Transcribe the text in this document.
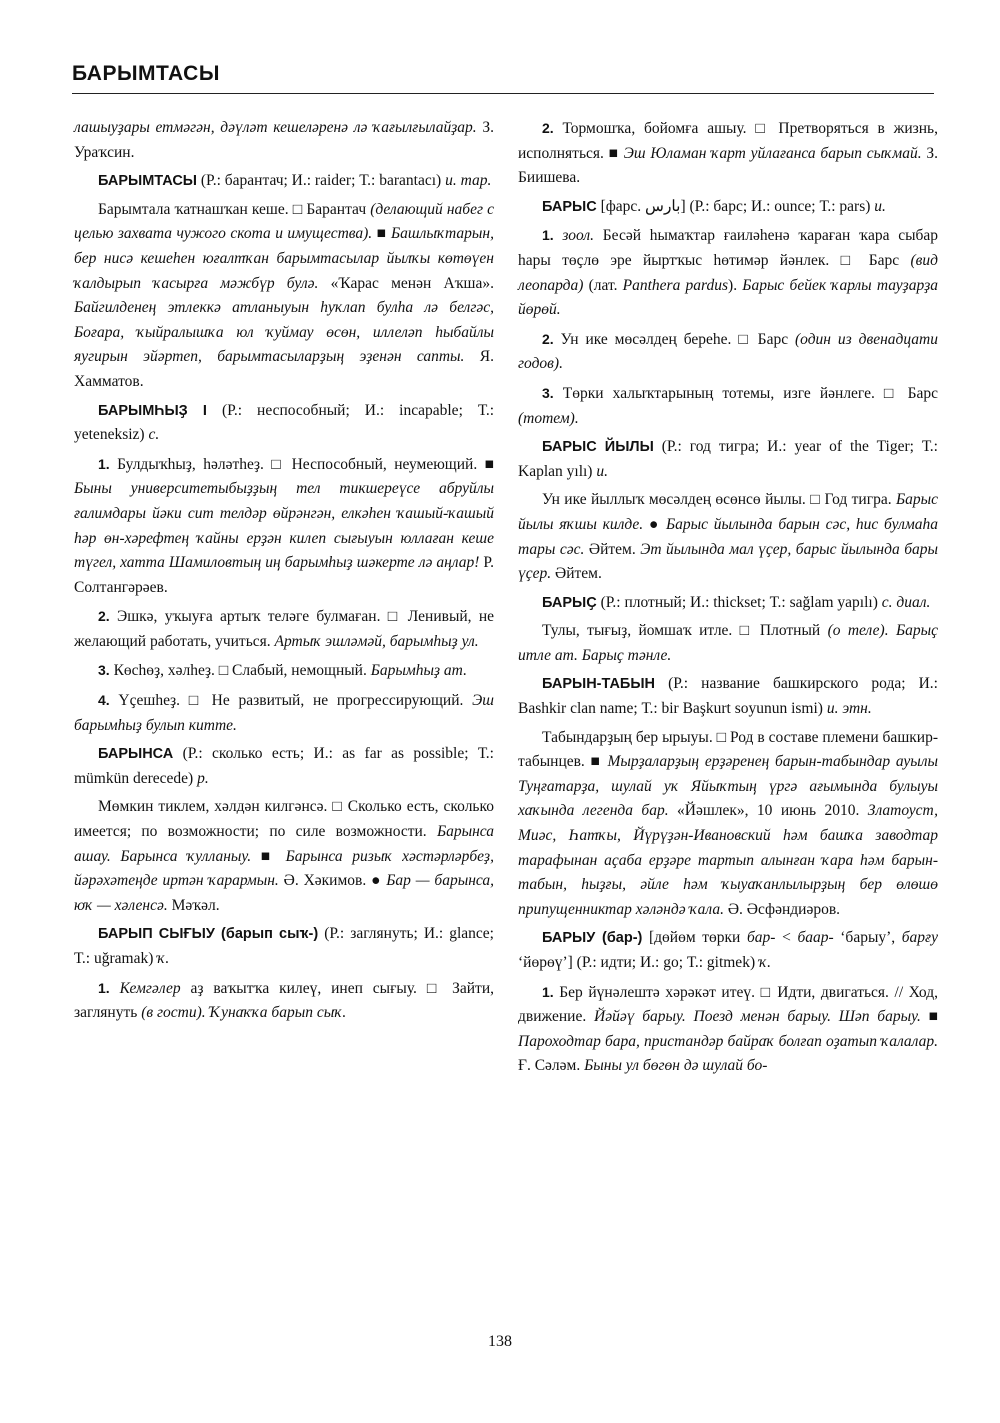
БАРЫМТАСЫ

лашыуҙары етмәгән, дәүләт кешеләренә лә ҡағылғылайҙар. З. Ураҡсин.

БАРЫМТАСЫ (Р.: барантач; И.: raider; Т.: barantacı) и. тар.

Барымтала ҡатнашҡан кеше. □ Барантач (делающий набег с целью захвата чужого скота и имущества). ■ Башлыҡтарын, бер нисә кешеһен юғалтҡан барымтасылар йылҡы көтөүен ҡалдырып ҡасырға мәжбүр булә. «Ҡарас менән Аҡша». Байгилденең этлеккә атланыуын һуҡлап булһа лә белгәс, Боғара, ҡыйралышҡа юл ҡуймау өсөн, иллеләп һыбайлы яугирын эйәртеп, барымтасыларҙың эҙенән сапты. Я. Хамматов.

БАРЫМҺЫҘ I (Р.: неспособный; И.: incapable; Т.: yeteneksiz) с.

1. Булдыҡһыҙ, һәләтһеҙ. □ Неспособный, неумеющий. ■ Быны университетыбыҙҙың тел тикшереүсе абруйлы ғалимдары йәки сит телдәр өйрәнгән, елкәһен ҡашый-ҡашый һәр өн-хәрефтең ҡайны ерҙән килеп сығыуын юллаған кеше түгел, хатта Шамиловтың иң барымһыҙ шәкерте лә аңлар! Р. Солтангәрәев.

2. Эшкә, уҡыуға артыҡ теләге булмаған. □ Ленивый, не желающий работать, учиться. Артыҡ эшләмәй, барымһыҙ ул.

3. Көсһөҙ, хәлһеҙ. □ Слабый, немощный. Барымһыҙ ат.

4. Үҫешһеҙ. □ Не развитый, не прогрессирующий. Эш барымһыҙ булып китте.

БАРЫНСА (Р.: сколько есть; И.: as far as possible; Т.: mümkün derecede) р.

Мөмкин тиклем, хәлдән килгәнсә. □ Сколько есть, сколько имеется; по возможности; по силе возможности. Барынса ашау. Барынса ҡулланыу. ■ Барынса ризыҡ хәстәрләрбеҙ, йәрәхәтеңде иртән ҡарармын. Ә. Хәкимов. ● Бар — барынса, юҡ — хәленсә. Мәҡәл.

БАРЫП СЫҒЫУ (барып сыҡ-) (Р.: заглянуть; И.: glance; Т.: uğramak) ҡ.

1. Кемгәлер аҙ ваҡытҡа килеү, инеп сығыу. □ Зайти, заглянуть (в гости). Ҡунаҡҡа барып сыҡ.

2. Тормошҡа, бойомға ашыу. □ Претворяться в жизнь, исполняться. ■ Эш Юламан ҡарт уйлағанса барып сыҡмай. З. Биишева.

БАРЫС [фарс. بارس] (Р.: барс; И.: ounce; Т.: pars) и.

1. зоол. Бесәй һымаҡтар ғаиләһенә ҡараған ҡара сыбар һары төҫлө эре йыртҡыс һөтимәр йәнлек. □ Барс (вид леопарда) (лат. Panthera pardus). Барыс бейек ҡарлы тауҙарҙа йөрөй.

2. Ун ике мөсәлдең береһе. □ Барс (один из двенадцати годов).

3. Төрки халыҡтарының тотемы, изге йәнлеге. □ Барс (тотем).

БАРЫС ЙЫЛЫ (Р.: год тигра; И.: year of the Tiger; Т.: Kaplan yılı) и.

Ун ике йыллыҡ мөсәлдең өсөнсө йылы. □ Год тигра. Барыс йылы яҡшы килде. ● Барыс йылында барын сәс, һис булмаһа тары сәс. Әйтем. Эт йылында мал үҫер, барыс йылында бары үҫер. Әйтем.

БАРЫҪ (Р.: плотный; И.: thickset; Т.: sağlam yapılı) с. диал.

Тулы, тығыҙ, йомшаҡ итле. □ Плотный (о теле). Барыҫ итле ат. Барыҫ тәнле.

БАРЫН-ТАБЫН (Р.: название башкирского рода; И.: Bashkir clan name; Т.: bir Başkurt soyunun ismi) и. этн.

Табындарҙың бер ырыуы. □ Род в составе племени башкир-табынцев. ■ Мырҙаларҙың ерҙәренең барын-табындар ауылы Туңғатарҙа, шулай уҡ Яйыҡтың үргә ағымында булыуы хаҡында легенда бар. «Йәшлек», 10 июнь 2010. Златоуст, Миәс, Һатҡы, Йүрүҙән-Ивановский һәм башҡа заводтар тарафынан аҫаба ерҙәре тартып алынған ҡара һәм барын-табын, һыҙғы, әйле һәм ҡыуаҡанлылырҙың бер өлөшө припущенниктар хәләндә ҡала. Ә. Әсфәндиәров.

БАРЫУ (бар-) [дөйөм төрки бар- < баар- ‘барыу’, барғу ‘йөрөү’] (Р.: идти; И.: go; Т.: gitmek) ҡ.

1. Бер йүнәлештә хәрәкәт итеү. □ Идти, двигаться. // Ход, движение. Йәйәү барыу. Поезд менән барыу. Шәп барыу. ■ Пароходтар бара, пристандәр байраҡ болғап оҙатып ҡалалар. Ғ. Сәләм. Быны ул бөгөн дә шулай бо-

138
